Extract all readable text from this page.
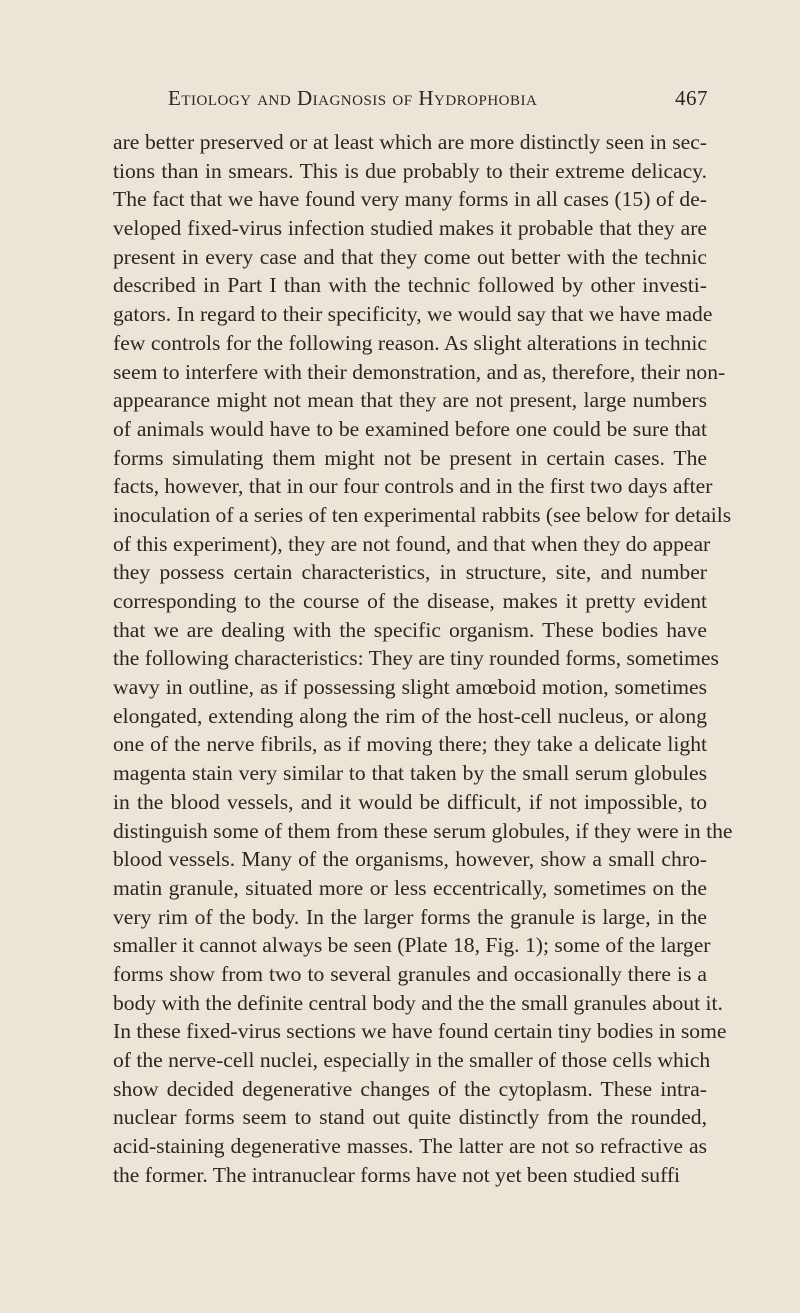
Etiology and Diagnosis of Hydrophobia	467
are better preserved or at least which are more distinctly seen in sec-
tions than in smears. This is due probably to their extreme delicacy.
The fact that we have found very many forms in all cases (15) of de-
veloped fixed-virus infection studied makes it probable that they are
present in every case and that they come out better with the technic
described in Part I than with the technic followed by other investi-
gators. In regard to their specificity, we would say that we have made
few controls for the following reason. As slight alterations in technic
seem to interfere with their demonstration, and as, therefore, their non-
appearance might not mean that they are not present, large numbers
of animals would have to be examined before one could be sure that
forms simulating them might not be present in certain cases. The
facts, however, that in our four controls and in the first two days after
inoculation of a series of ten experimental rabbits (see below for details
of this experiment), they are not found, and that when they do appear
they possess certain characteristics, in structure, site, and number
corresponding to the course of the disease, makes it pretty evident
that we are dealing with the specific organism. These bodies have
the following characteristics: They are tiny rounded forms, sometimes
wavy in outline, as if possessing slight amœboid motion, sometimes
elongated, extending along the rim of the host-cell nucleus, or along
one of the nerve fibrils, as if moving there; they take a delicate light
magenta stain very similar to that taken by the small serum globules
in the blood vessels, and it would be difficult, if not impossible, to
distinguish some of them from these serum globules, if they were in the
blood vessels. Many of the organisms, however, show a small chro-
matin granule, situated more or less eccentrically, sometimes on the
very rim of the body. In the larger forms the granule is large, in the
smaller it cannot always be seen (Plate 18, Fig. 1); some of the larger
forms show from two to several granules and occasionally there is a
body with the definite central body and the the small granules about it.
In these fixed-virus sections we have found certain tiny bodies in some
of the nerve-cell nuclei, especially in the smaller of those cells which
show decided degenerative changes of the cytoplasm. These intra-
nuclear forms seem to stand out quite distinctly from the rounded,
acid-staining degenerative masses. The latter are not so refractive as
the former. The intranuclear forms have not yet been studied suffi
